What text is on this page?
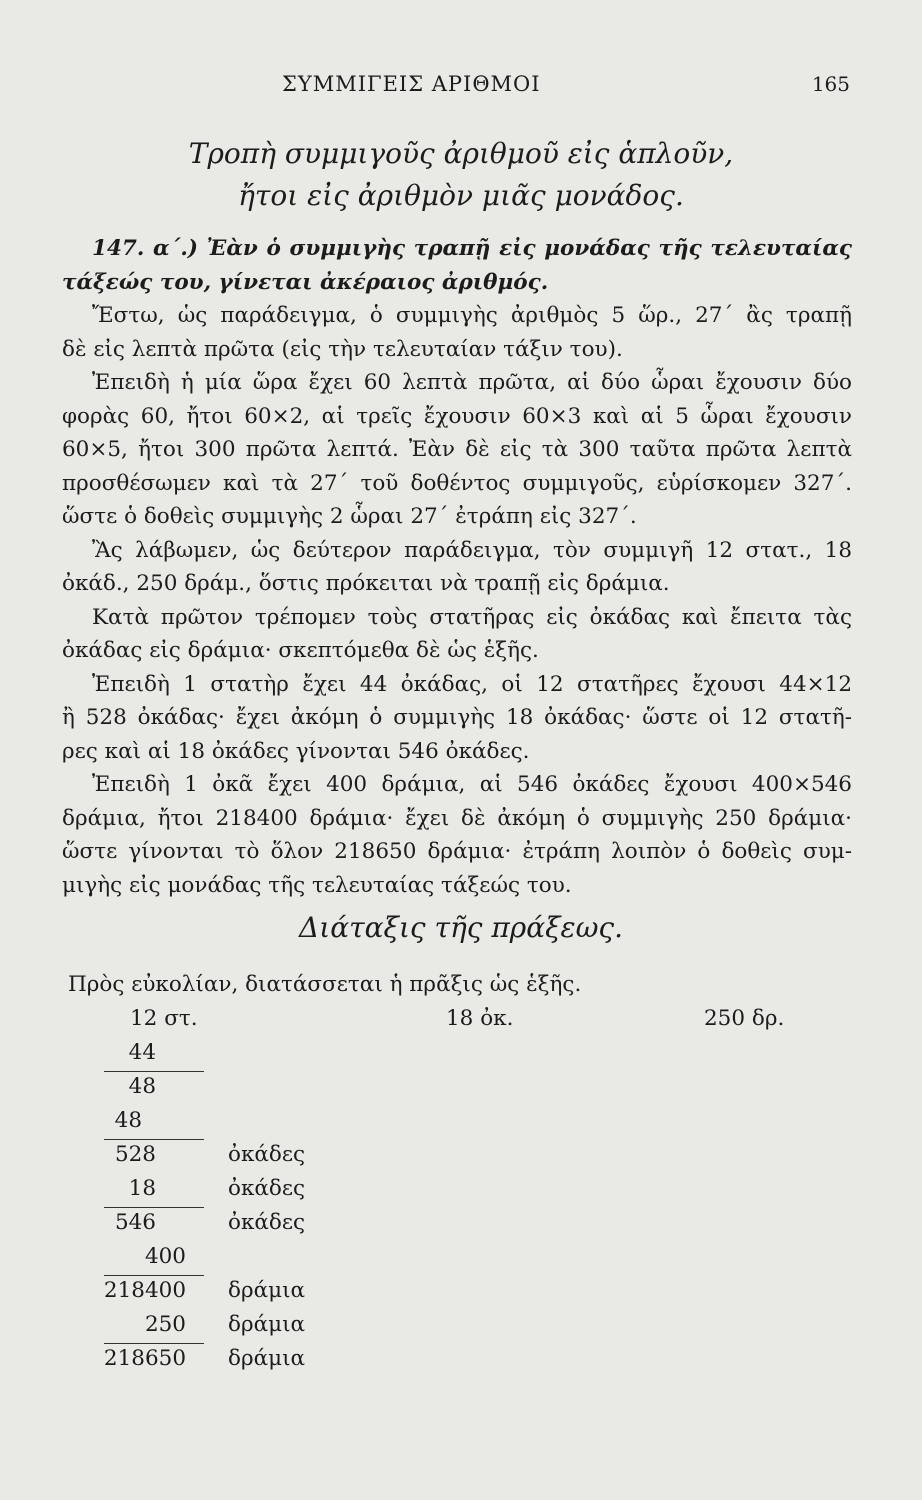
ΣΥΜΜΙΓΕΙΣ ΑΡΙΘΜΟΙ	165
Τροπὴ συμμιγοῦς ἀριθμοῦ εἰς ἁπλοῦν,
ἤτοι εἰς ἀριθμὸν μιᾶς μονάδος.
147. α΄.) Ἐὰν ὁ συμμιγὴς τραπῇ εἰς μονάδας τῆς τελευταίας
τάξεώς του, γίνεται ἀκέραιος ἀριθμός.
Ἔστω, ὡς παράδειγμα, ὁ συμμιγὴς ἀριθμὸς 5 ὥρ., 27΄ ἂς τραπῇ
δὲ εἰς λεπτὰ πρῶτα (εἰς τὴν τελευταίαν τάξιν του).
Ἐπειδὴ ἡ μία ὥρα ἔχει 60 λεπτὰ πρῶτα, αἱ δύο ὧραι ἔχουσιν δύο
φορὰς 60, ἤτοι 60×2, αἱ τρεῖς ἔχουσιν 60×3 καὶ αἱ 5 ὧραι ἔχουσιν
60×5, ἤτοι 300 πρῶτα λεπτά. Ἐὰν δὲ εἰς τὰ 300 ταῦτα πρῶτα λεπτὰ
προσθέσωμεν καὶ τὰ 27΄ τοῦ δοθέντος συμμιγοῦς, εὑρίσκομεν 327΄.
ὥστε ὁ δοθεὶς συμμιγὴς 2 ὧραι 27΄ ἐτράπη εἰς 327΄.
Ἂς λάβωμεν, ὡς δεύτερον παράδειγμα, τὸν συμμιγῆ 12 στατ., 18
ὀκάδ., 250 δράμ., ὅστις πρόκειται νὰ τραπῇ εἰς δράμια.
Κατὰ πρῶτον τρέπομεν τοὺς στατῆρας εἰς ὀκάδας καὶ ἔπειτα τὰς
ὀκάδας εἰς δράμια· σκεπτόμεθα δὲ ὡς ἑξῆς.
Ἐπειδὴ 1 στατὴρ ἔχει 44 ὀκάδας, οἱ 12 στατῆρες ἔχουσι 44×12
ἢ 528 ὀκάδας· ἔχει ἀκόμη ὁ συμμιγὴς 18 ὀκάδας· ὥστε οἱ 12 στατῆ-
ρες καὶ αἱ 18 ὀκάδες γίνονται 546 ὀκάδες.
Ἐπειδὴ 1 ὀκᾶ ἔχει 400 δράμια, αἱ 546 ὀκάδες ἔχουσι 400×546
δράμια, ἤτοι 218400 δράμια· ἔχει δὲ ἀκόμη ὁ συμμιγὴς 250 δράμια·
ὥστε γίνονται τὸ ὅλον 218650 δράμια· ἐτράπη λοιπὸν ὁ δοθεὶς συμ-
μιγὴς εἰς μονάδας τῆς τελευταίας τάξεώς του.
Διάταξις τῆς πράξεως.
Πρὸς εὐκολίαν, διατάσσεται ἡ πρᾶξις ὡς ἑξῆς.
12 στ.	18 ὀκ.	250 δρ.
44
48
48
528	ὀκάδες
18	ὀκάδες
546	ὀκάδες
400
218400 δράμια
250 δράμια
218650 δράμια
